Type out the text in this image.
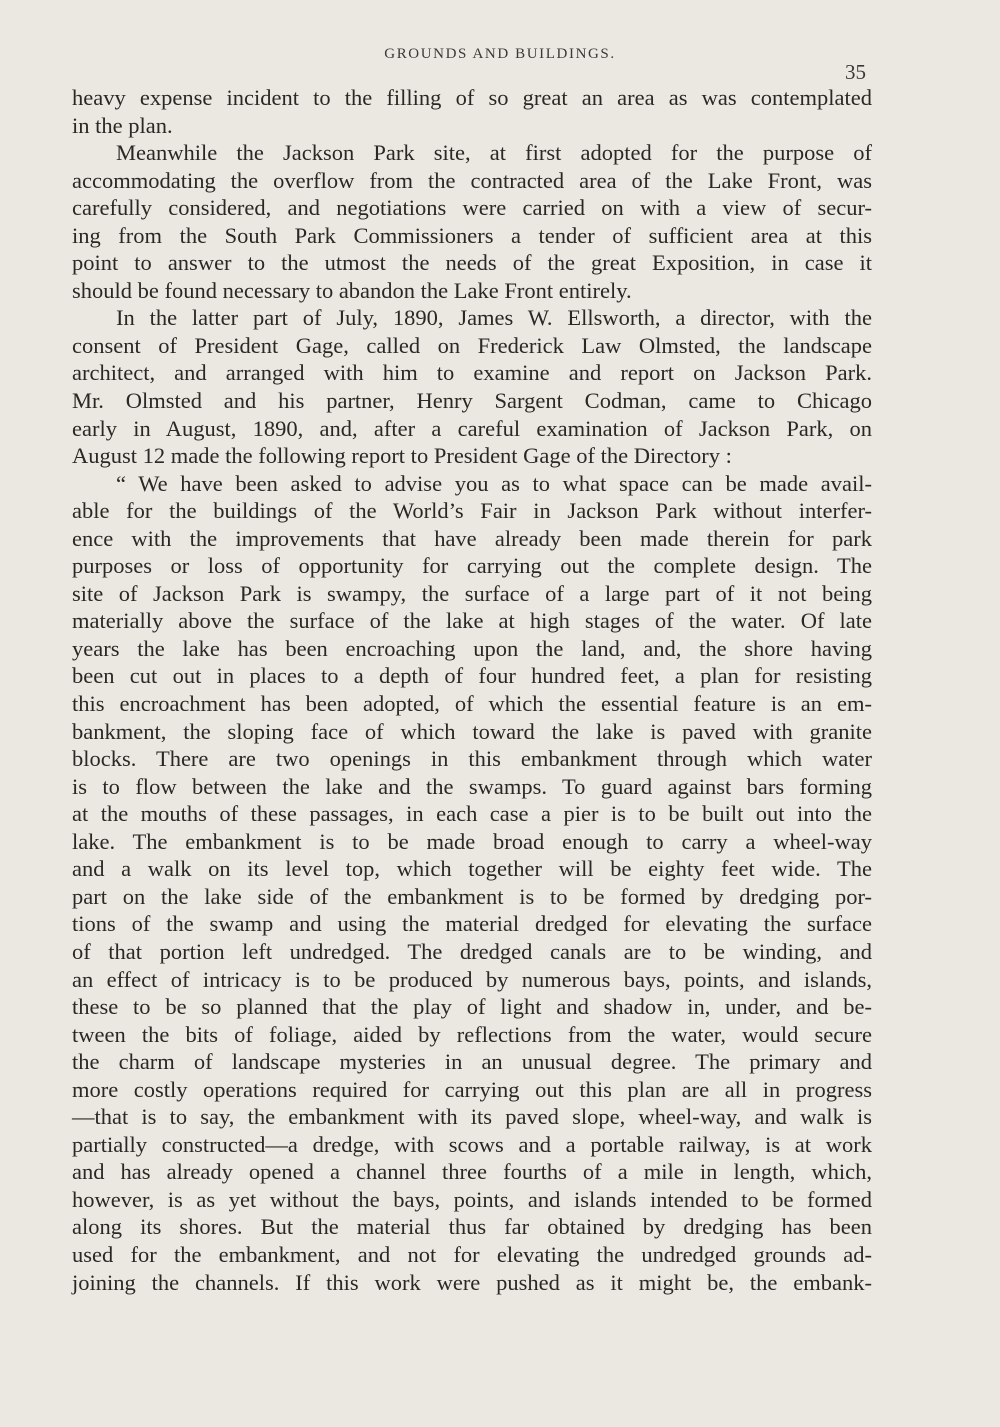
GROUNDS AND BUILDINGS.
35
heavy expense incident to the filling of so great an area as was contemplated
in the plan.
Meanwhile the Jackson Park site, at first adopted for the purpose of
accommodating the overflow from the contracted area of the Lake Front, was
carefully considered, and negotiations were carried on with a view of secur-
ing from the South Park Commissioners a tender of sufficient area at this
point to answer to the utmost the needs of the great Exposition, in case it
should be found necessary to abandon the Lake Front entirely.
In the latter part of July, 1890, James W. Ellsworth, a director, with the
consent of President Gage, called on Frederick Law Olmsted, the landscape
architect, and arranged with him to examine and report on Jackson Park.
Mr. Olmsted and his partner, Henry Sargent Codman, came to Chicago
early in August, 1890, and, after a careful examination of Jackson Park, on
August 12 made the following report to President Gage of the Directory :
“ We have been asked to advise you as to what space can be made avail-
able for the buildings of the World’s Fair in Jackson Park without interfer-
ence with the improvements that have already been made therein for park
purposes or loss of opportunity for carrying out the complete design. The
site of Jackson Park is swampy, the surface of a large part of it not being
materially above the surface of the lake at high stages of the water. Of late
years the lake has been encroaching upon the land, and, the shore having
been cut out in places to a depth of four hundred feet, a plan for resisting
this encroachment has been adopted, of which the essential feature is an em-
bankment, the sloping face of which toward the lake is paved with granite
blocks. There are two openings in this embankment through which water
is to flow between the lake and the swamps. To guard against bars forming
at the mouths of these passages, in each case a pier is to be built out into the
lake. The embankment is to be made broad enough to carry a wheel-way
and a walk on its level top, which together will be eighty feet wide. The
part on the lake side of the embankment is to be formed by dredging por-
tions of the swamp and using the material dredged for elevating the surface
of that portion left undredged. The dredged canals are to be winding, and
an effect of intricacy is to be produced by numerous bays, points, and islands,
these to be so planned that the play of light and shadow in, under, and be-
tween the bits of foliage, aided by reflections from the water, would secure
the charm of landscape mysteries in an unusual degree. The primary and
more costly operations required for carrying out this plan are all in progress
—that is to say, the embankment with its paved slope, wheel-way, and walk is
partially constructed—a dredge, with scows and a portable railway, is at work
and has already opened a channel three fourths of a mile in length, which,
however, is as yet without the bays, points, and islands intended to be formed
along its shores. But the material thus far obtained by dredging has been
used for the embankment, and not for elevating the undredged grounds ad-
joining the channels. If this work were pushed as it might be, the embank-
